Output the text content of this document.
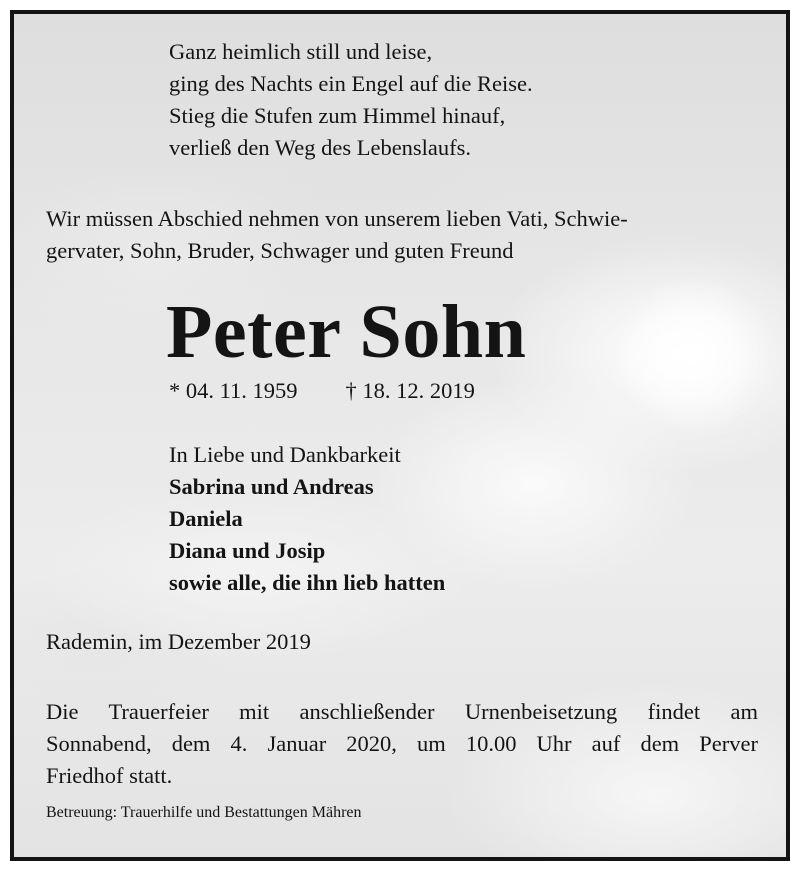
Ganz heimlich still und leise,
ging des Nachts ein Engel auf die Reise.
Stieg die Stufen zum Himmel hinauf,
verließ den Weg des Lebenslaufs.
Wir müssen Abschied nehmen von unserem lieben Vati, Schwie-
gervater, Sohn, Bruder, Schwager und guten Freund
Peter Sohn
* 04. 11. 1959 † 18. 12. 2019
In Liebe und Dankbarkeit
Sabrina und Andreas
Daniela
Diana und Josip
sowie alle, die ihn lieb hatten
Rademin, im Dezember 2019
Die Trauerfeier mit anschließender Urnenbeisetzung findet am
Sonnabend, dem 4. Januar 2020, um 10.00 Uhr auf dem Perver
Friedhof statt.
Betreuung: Trauerhilfe und Bestattungen Mähren
